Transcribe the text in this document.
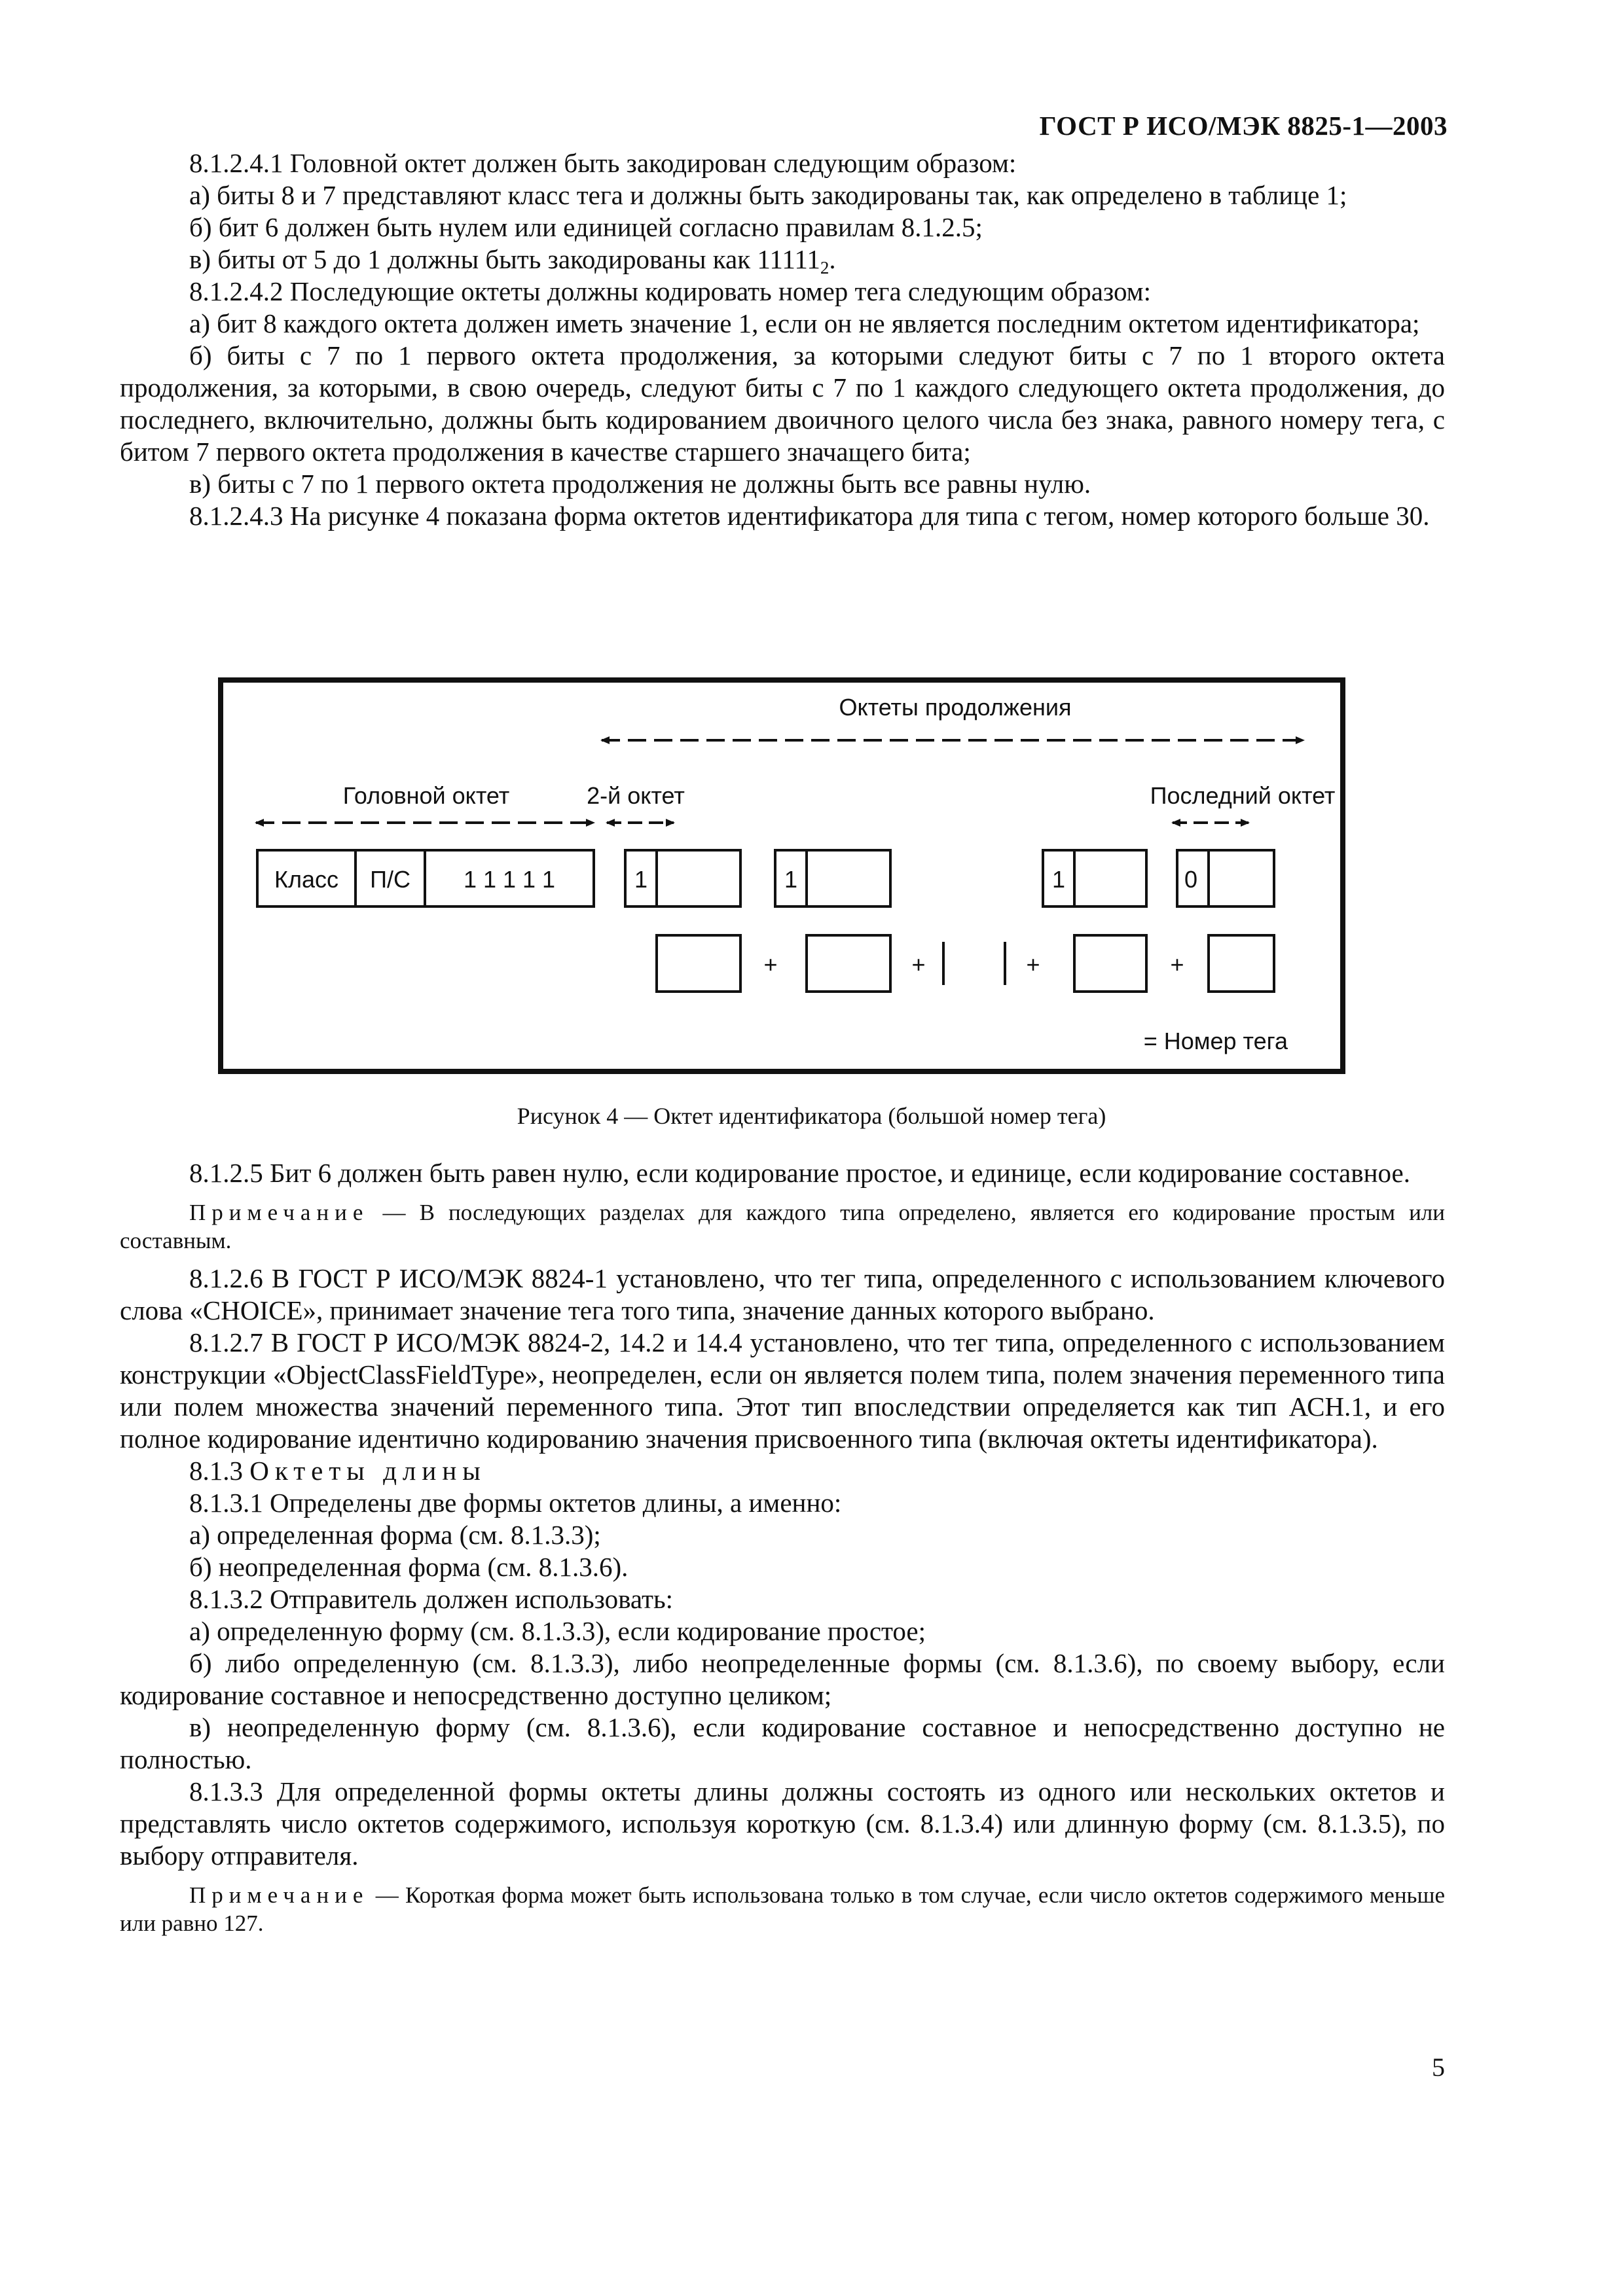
ГОСТ Р ИСО/МЭК 8825-1—2003

8.1.2.4.1 Головной октет должен быть закодирован следующим образом:

а) биты 8 и 7 представляют класс тега и должны быть закодированы так, как определено в таблице 1;

б) бит 6 должен быть нулем или единицей согласно правилам 8.1.2.5;

в) биты от 5 до 1 должны быть закодированы как $11111_2$.

8.1.2.4.2 Последующие октеты должны кодировать номер тега следующим образом:

а) бит 8 каждого октета должен иметь значение 1, если он не является последним октетом идентификатора;

б) биты с 7 по 1 первого октета продолжения, за которыми следуют биты с 7 по 1 второго октета продолжения, за которыми, в свою очередь, следуют биты с 7 по 1 каждого следующего октета продолжения, до последнего, включительно, должны быть кодированием двоичного целого числа без знака, равного номеру тега, с битом 7 первого октета продолжения в качестве старшего значащего бита;

в) биты с 7 по 1 первого октета продолжения не должны быть все равны нулю.

8.1.2.4.3 На рисунке 4 показана форма октетов идентификатора для типа с тегом, номер которого больше 30.

Октеты продолжения
Головной октет	2-й октет	Последний октет
Класс П/С 1 1 1 1 1	1	1	1	0
+	+	+	+
= Номер тега
Рисунок 4 — Октет идентификатора (большой номер тега)

8.1.2.5 Бит 6 должен быть равен нулю, если кодирование простое, и единице, если кодирование составное.

Примечание — В последующих разделах для каждого типа определено, является его кодирование простым или составным.

8.1.2.6 В ГОСТ Р ИСО/МЭК 8824-1 установлено, что тег типа, определенного с использованием ключевого слова «CHOICE», принимает значение тега того типа, значение данных которого выбрано.

8.1.2.7 В ГОСТ Р ИСО/МЭК 8824-2, 14.2 и 14.4 установлено, что тег типа, определенного с использованием конструкции «ObjectClassFieldType», неопределен, если он является полем типа, полем значения переменного типа или полем множества значений переменного типа. Этот тип впоследствии определяется как тип АСН.1, и его полное кодирование идентично кодированию значения присвоенного типа (включая октеты идентификатора).

8.1.3 Октеты длины

8.1.3.1 Определены две формы октетов длины, а именно:

а) определенная форма (см. 8.1.3.3);

б) неопределенная форма (см. 8.1.3.6).

8.1.3.2 Отправитель должен использовать:

а) определенную форму (см. 8.1.3.3), если кодирование простое;

б) либо определенную (см. 8.1.3.3), либо неопределенные формы (см. 8.1.3.6), по своему выбору, если кодирование составное и непосредственно доступно целиком;

в) неопределенную форму (см. 8.1.3.6), если кодирование составное и непосредственно доступно не полностью.

8.1.3.3 Для определенной формы октеты длины должны состоять из одного или нескольких октетов и представлять число октетов содержимого, используя короткую (см. 8.1.3.4) или длинную форму (см. 8.1.3.5), по выбору отправителя.

Примечание — Короткая форма может быть использована только в том случае, если число октетов содержимого меньше или равно 127.

5
